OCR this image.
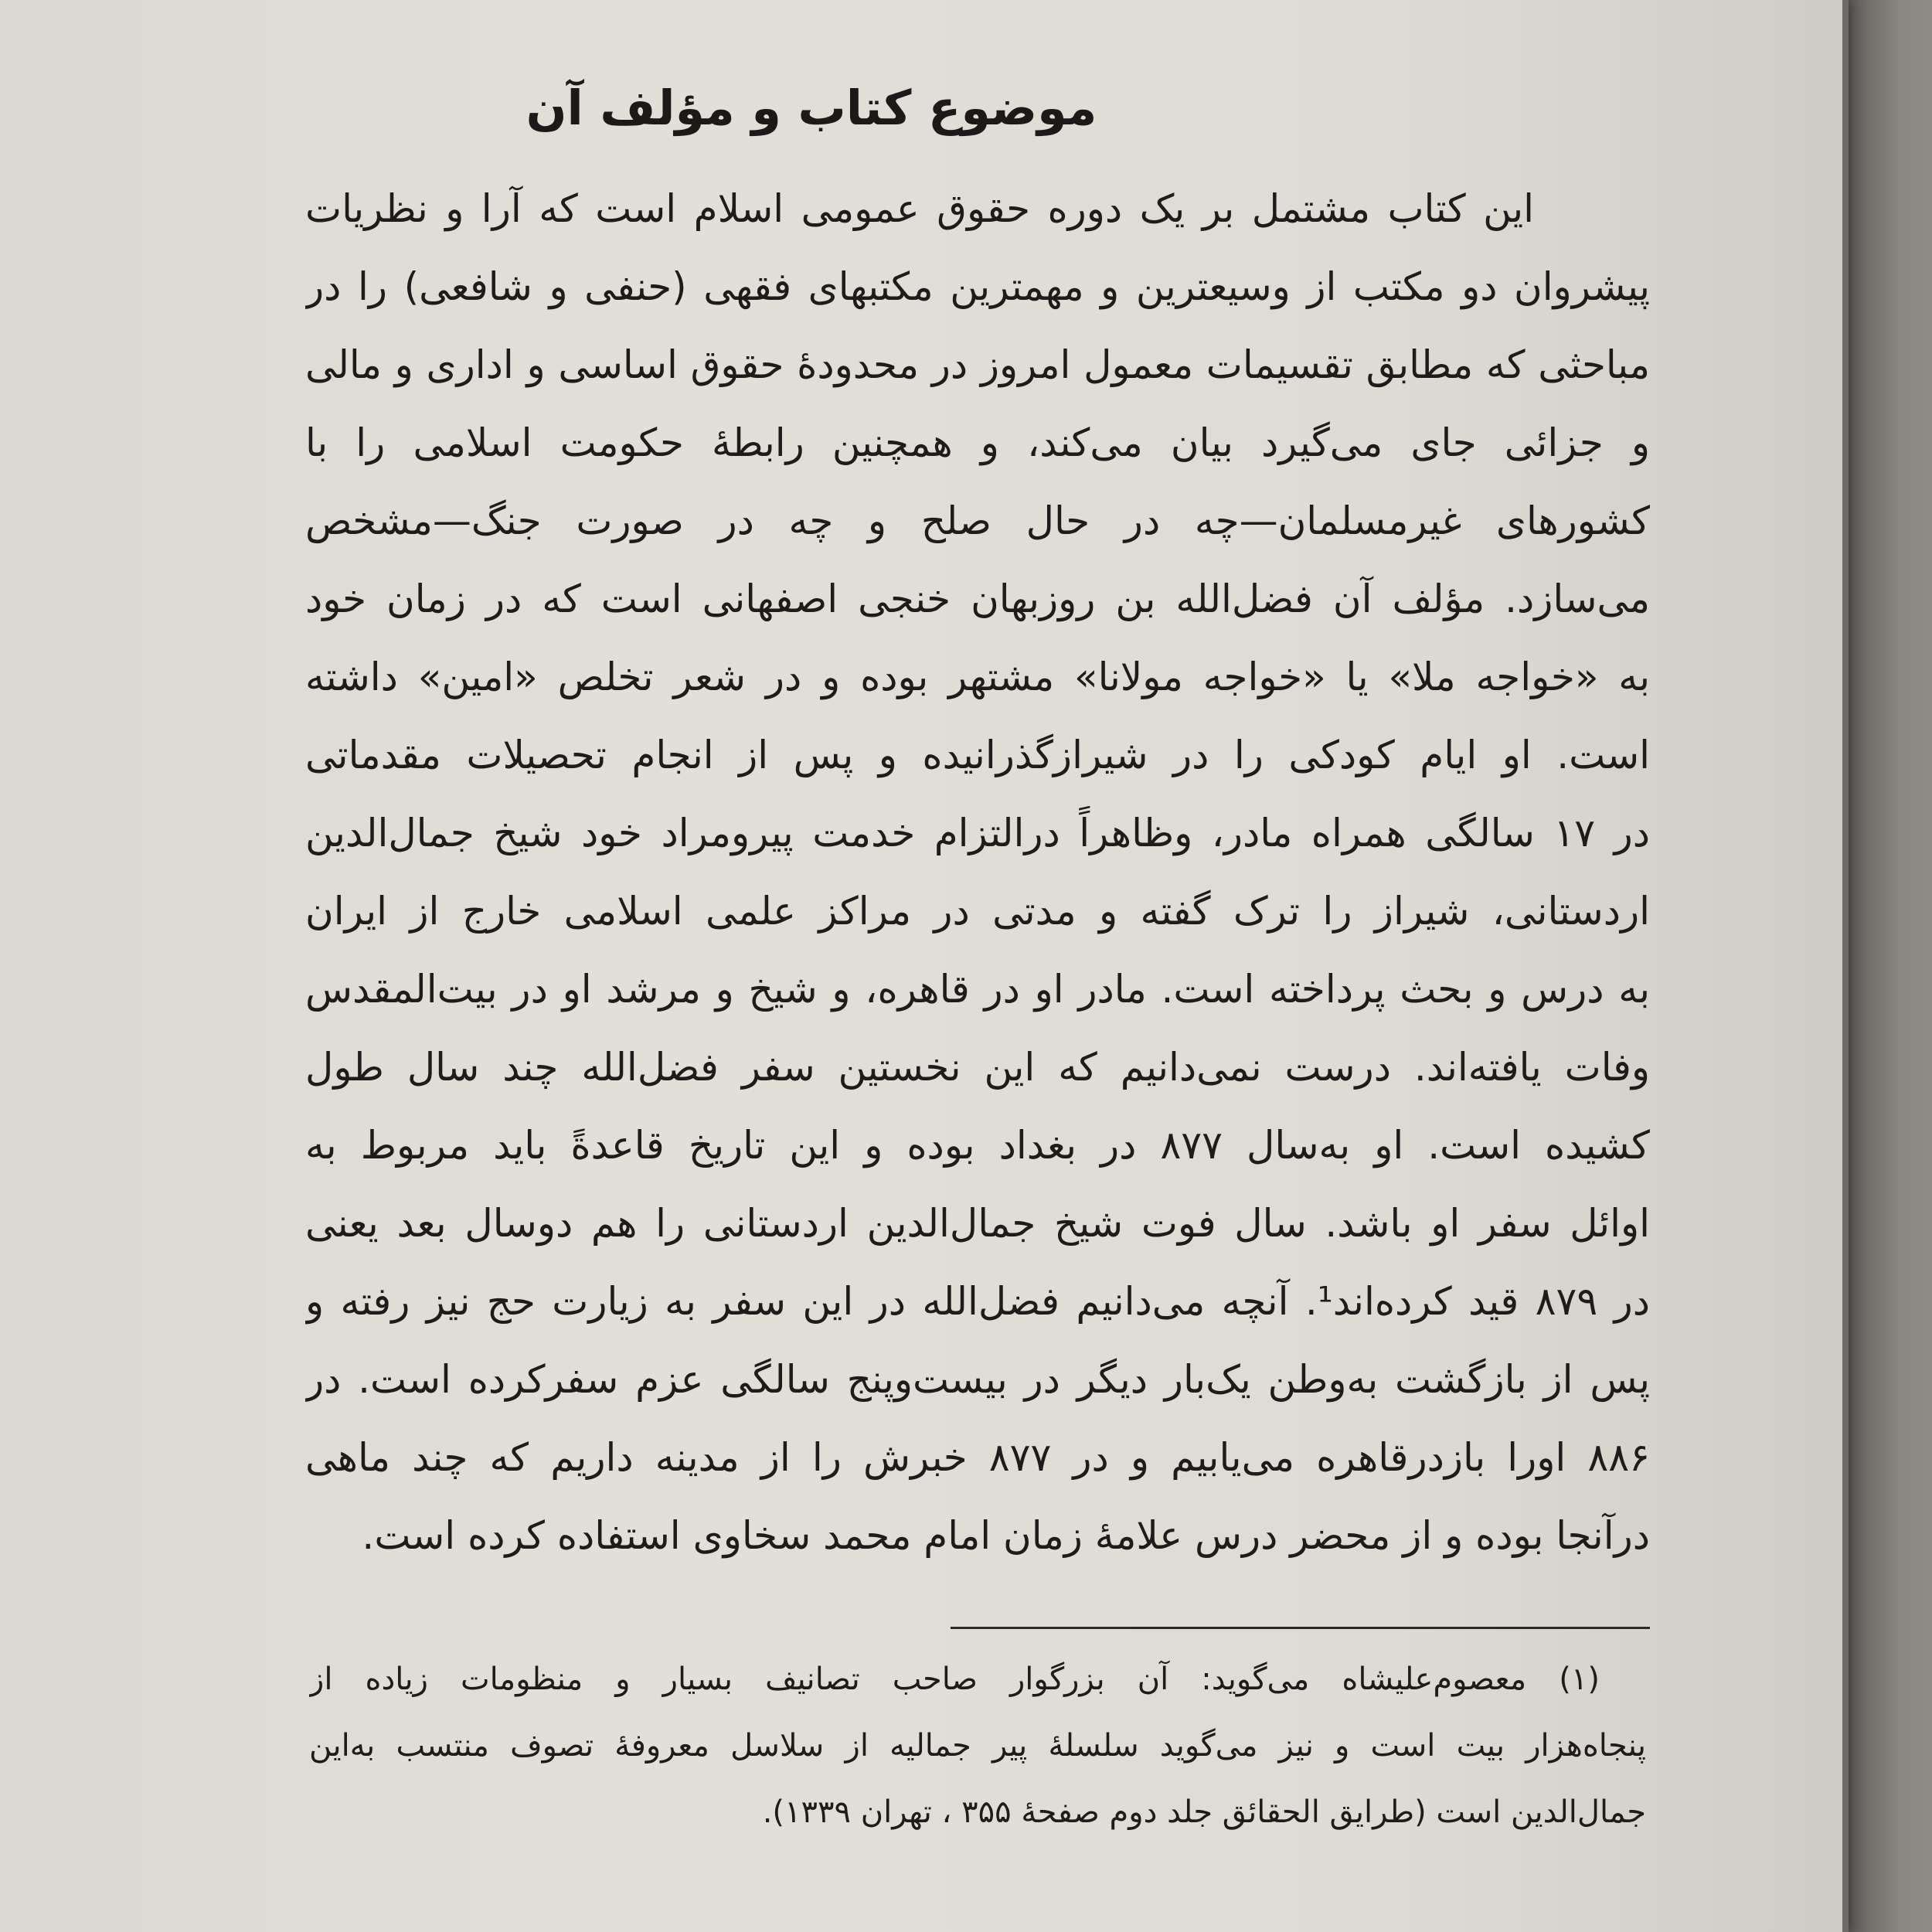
موضوع کتاب و مؤلف آن
این کتاب مشتمل بر یک دوره حقوق عمومی اسلام است که آرا و نظریات
پیشروان دو مکتب از وسیعترین و مهمترین مکتبهای فقهی (حنفی و شافعی) را در
مباحثی که مطابق تقسیمات معمول امروز در محدودهٔ حقوق اساسی و اداری و مالی
و جزائی جای می‌گیرد بیان می‌کند، و همچنین رابطهٔ حکومت اسلامی را با
کشورهای غیرمسلمان—چه در حال صلح و چه در صورت جنگ—مشخص
می‌سازد. مؤلف آن فضل‌الله بن روزبهان خنجی اصفهانی است که در زمان خود
به «خواجه ملا» یا «خواجه مولانا» مشتهر بوده و در شعر تخلص «امین» داشته
است. او ایام کودکی را در شیرازگذرانیده و پس از انجام تحصیلات مقدماتی
در ۱۷ سالگی همراه مادر، وظاهراً درالتزام خدمت پیرومراد خود شیخ جمال‌الدین
اردستانی، شیراز را ترک گفته و مدتی در مراکز علمی اسلامی خارج از ایران
به درس و بحث پرداخته است. مادر او در قاهره، و شیخ و مرشد او در بیت‌المقدس
وفات یافته‌اند. درست نمی‌دانیم که این نخستین سفر فضل‌الله چند سال طول
کشیده است. او به‌سال ۸۷۷ در بغداد بوده و این تاریخ قاعدةً باید مربوط به
اوائل سفر او باشد. سال فوت شیخ جمال‌الدین اردستانی را هم دوسال بعد یعنی
در ۸۷۹ قید کرده‌اند¹. آنچه می‌دانیم فضل‌الله در این سفر به زیارت حج نیز رفته و
پس از بازگشت به‌وطن یک‌بار دیگر در بیست‌وپنج سالگی عزم سفرکرده است. در
۸۸۶ اورا بازدرقاهره می‌یابیم و در ۸۷۷ خبرش را از مدینه داریم که چند ماهی
درآنجا بوده و از محضر درس علامهٔ زمان امام محمد سخاوی استفاده کرده است.
(۱) معصوم‌علیشاه می‌گوید: آن بزرگوار صاحب تصانیف بسیار و منظومات زیاده از
پنجاه‌هزار بیت است و نیز می‌گوید سلسلهٔ پیر جمالیه از سلاسل معروفهٔ تصوف منتسب به‌این
جمال‌الدین است (طرایق الحقائق جلد دوم صفحهٔ ۳۵۵ ، تهران ۱۳۳۹).
